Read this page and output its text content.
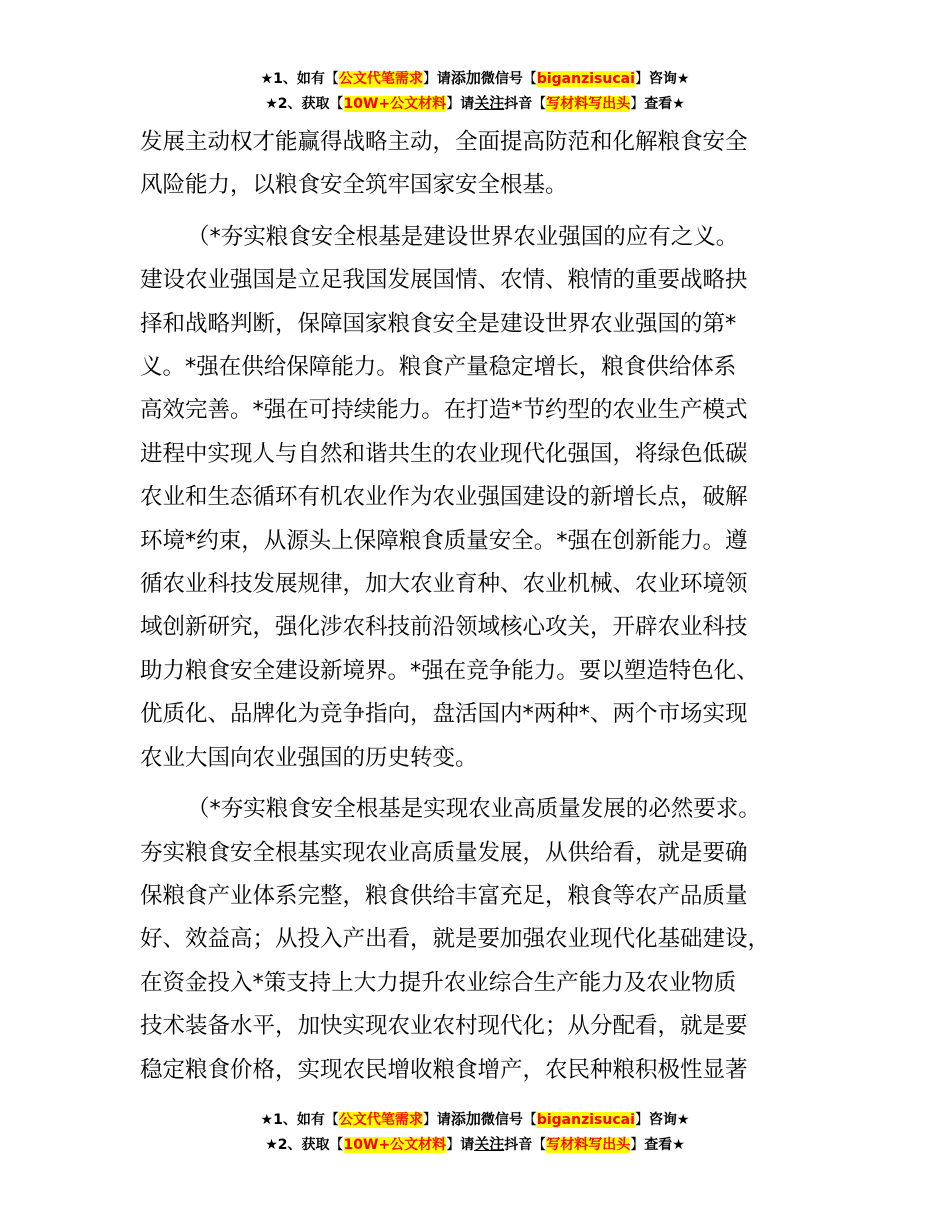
★1、如有【公文代笔需求】请添加微信号【biganzisucai】咨询★
★2、获取【10W+公文材料】请关注抖音【写材料写出头】查看★
发展主动权才能赢得战略主动，全面提高防范和化解粮食安全
风险能力，以粮食安全筑牢国家安全根基。
（*夯实粮食安全根基是建设世界农业强国的应有之义。
建设农业强国是立足我国发展国情、农情、粮情的重要战略抉
择和战略判断，保障国家粮食安全是建设世界农业强国的第*
义。*强在供给保障能力。粮食产量稳定增长，粮食供给体系
高效完善。*强在可持续能力。在打造*节约型的农业生产模式
进程中实现人与自然和谐共生的农业现代化强国，将绿色低碳
农业和生态循环有机农业作为农业强国建设的新增长点，破解
环境*约束，从源头上保障粮食质量安全。*强在创新能力。遵
循农业科技发展规律，加大农业育种、农业机械、农业环境领
域创新研究，强化涉农科技前沿领域核心攻关，开辟农业科技
助力粮食安全建设新境界。*强在竞争能力。要以塑造特色化、
优质化、品牌化为竞争指向，盘活国内*两种*、两个市场实现
农业大国向农业强国的历史转变。
（*夯实粮食安全根基是实现农业高质量发展的必然要求。
夯实粮食安全根基实现农业高质量发展，从供给看，就是要确
保粮食产业体系完整，粮食供给丰富充足，粮食等农产品质量
好、效益高；从投入产出看，就是要加强农业现代化基础建设，
在资金投入*策支持上大力提升农业综合生产能力及农业物质
技术装备水平，加快实现农业农村现代化；从分配看，就是要
稳定粮食价格，实现农民增收粮食增产，农民种粮积极性显著
★1、如有【公文代笔需求】请添加微信号【biganzisucai】咨询★
★2、获取【10W+公文材料】请关注抖音【写材料写出头】查看★
